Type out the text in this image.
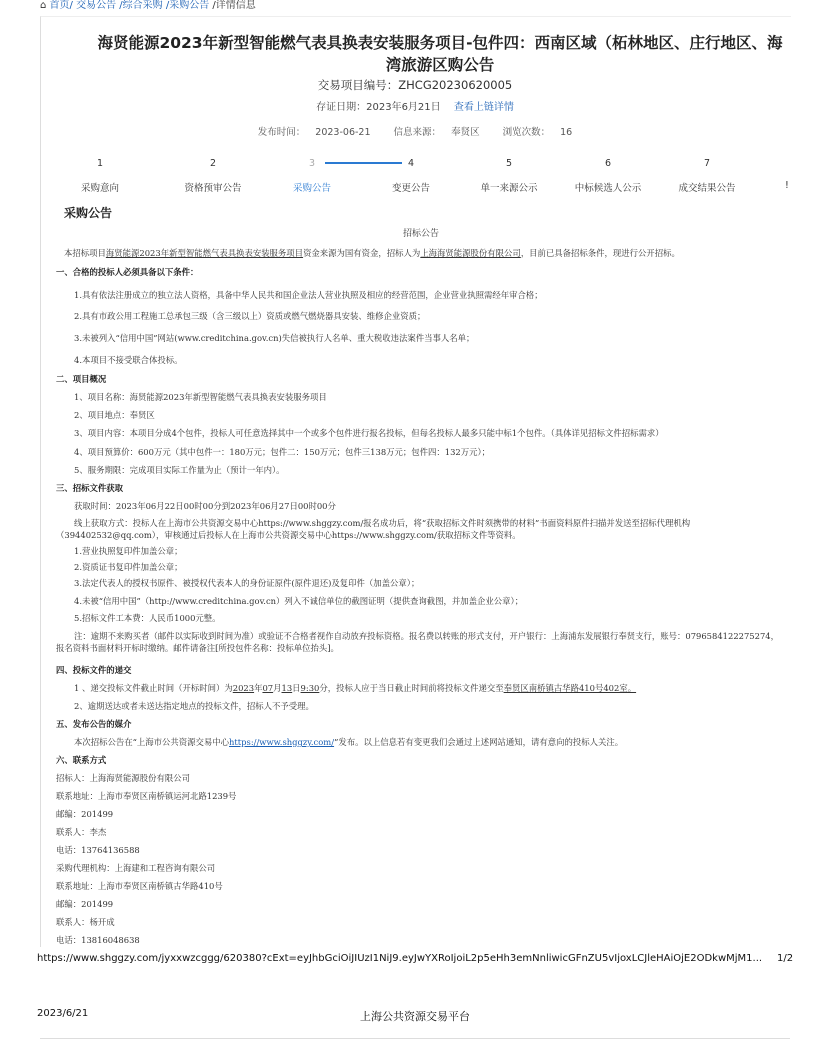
⌂ 首页/ 交易公告 /综合采购 /采购公告 /详情信息
海贤能源2023年新型智能燃气表具换表安装服务项目-包件四：西南区域（柘林地区、庄行地区、海湾旅游区购公告
交易项目编号：ZHCG20230620005
存证日期：2023年6月21日 查看上链详情
发布时间： 2023-06-21 信息来源： 奉贤区 浏览次数： 16
1	2	3	4	5	6	7
采购意向	资格预审公告	采购公告	变更公告	单一来源公示	中标候选人公示	成交结果公告	!
采购公告
招标公告
本招标项目海贤能源2023年新型智能燃气表具换表安装服务项目资金来源为国有资金，招标人为上海海贤能源股份有限公司，目前已具备招标条件，现进行公开招标。
一、合格的投标人必须具备以下条件：
1.具有依法注册成立的独立法人资格，具备中华人民共和国企业法人营业执照及相应的经营范围，企业营业执照需经年审合格；
2.具有市政公用工程施工总承包三级（含三级以上）资质或燃气燃烧器具安装、维修企业资质；
3.未被列入“信用中国”网站(www.creditchina.gov.cn)失信被执行人名单、重大税收违法案件当事人名单；
4.本项目不接受联合体投标。
二、项目概况
1、项目名称：海贤能源2023年新型智能燃气表具换表安装服务项目
2、项目地点：奉贤区
3、项目内容：本项目分成4个包件，投标人可任意选择其中一个或多个包件进行报名投标，但每名投标人最多只能中标1个包件。（具体详见招标文件招标需求）
4、项目预算价：600万元（其中包件一：180万元；包件二：150万元；包件三138万元；包件四：132万元）；
5、服务期限：完成项目实际工作量为止（预计一年内）。
三、招标文件获取
获取时间：2023年06月22日00时00分到2023年06月27日00时00分
线上获取方式：投标人在上海市公共资源交易中心https://www.shggzy.com/报名成功后，将“获取招标文件时须携带的材料”书面资料原件扫描并发送至招标代理机构（394402532@qq.com），审核通过后投标人在上海市公共资源交易中心https://www.shggzy.com/获取招标文件等资料。
1.营业执照复印件加盖公章；
2.资质证书复印件加盖公章；
3.法定代表人的授权书原件、被授权代表本人的身份证原件(原件退还)及复印件（加盖公章）；
4.未被“信用中国”（http://www.creditchina.gov.cn）列入不诚信单位的截图证明（提供查询截图，并加盖企业公章）；
5.招标文件工本费：人民币1000元整。
注：逾期不来购买者（邮件以实际收到时间为准）或验证不合格者视作自动放弃投标资格。报名费以转账的形式支付，开户银行：上海浦东发展银行奉贤支行，账号：0796584122275274，报名资料书面材料开标时缴纳。邮件请备注[所投包件名称：投标单位抬头]。
四、投标文件的递交
1 、递交投标文件截止时间（开标时间）为2023年07月13日9:30分，投标人应于当日截止时间前将投标文件递交至奉贤区南桥镇古华路410号402室。
2、逾期送达或者未送达指定地点的投标文件，招标人不予受理。
五、发布公告的媒介
本次招标公告在“上海市公共资源交易中心https://www.shggzy.com/”发布。以上信息若有变更我们会通过上述网站通知，请有意向的投标人关注。
六、联系方式
招标人：上海海贤能源股份有限公司
联系地址：上海市奉贤区南桥镇运河北路1239号
邮编：201499
联系人：李杰
电话：13764136588
采购代理机构：上海建和工程咨询有限公司
联系地址：上海市奉贤区南桥镇古华路410号
邮编：201499
联系人：杨开成
电话：13816048638
https://www.shggzy.com/jyxxwzcggg/620380?cExt=eyJhbGciOiJIUzI1NiJ9.eyJwYXRoIjoiL2p5eHh3emNnliwicGFnZU5vIjoxLCJleHAiOjE2ODkwMjM1... 1/2
2023/6/21	上海公共资源交易平台
